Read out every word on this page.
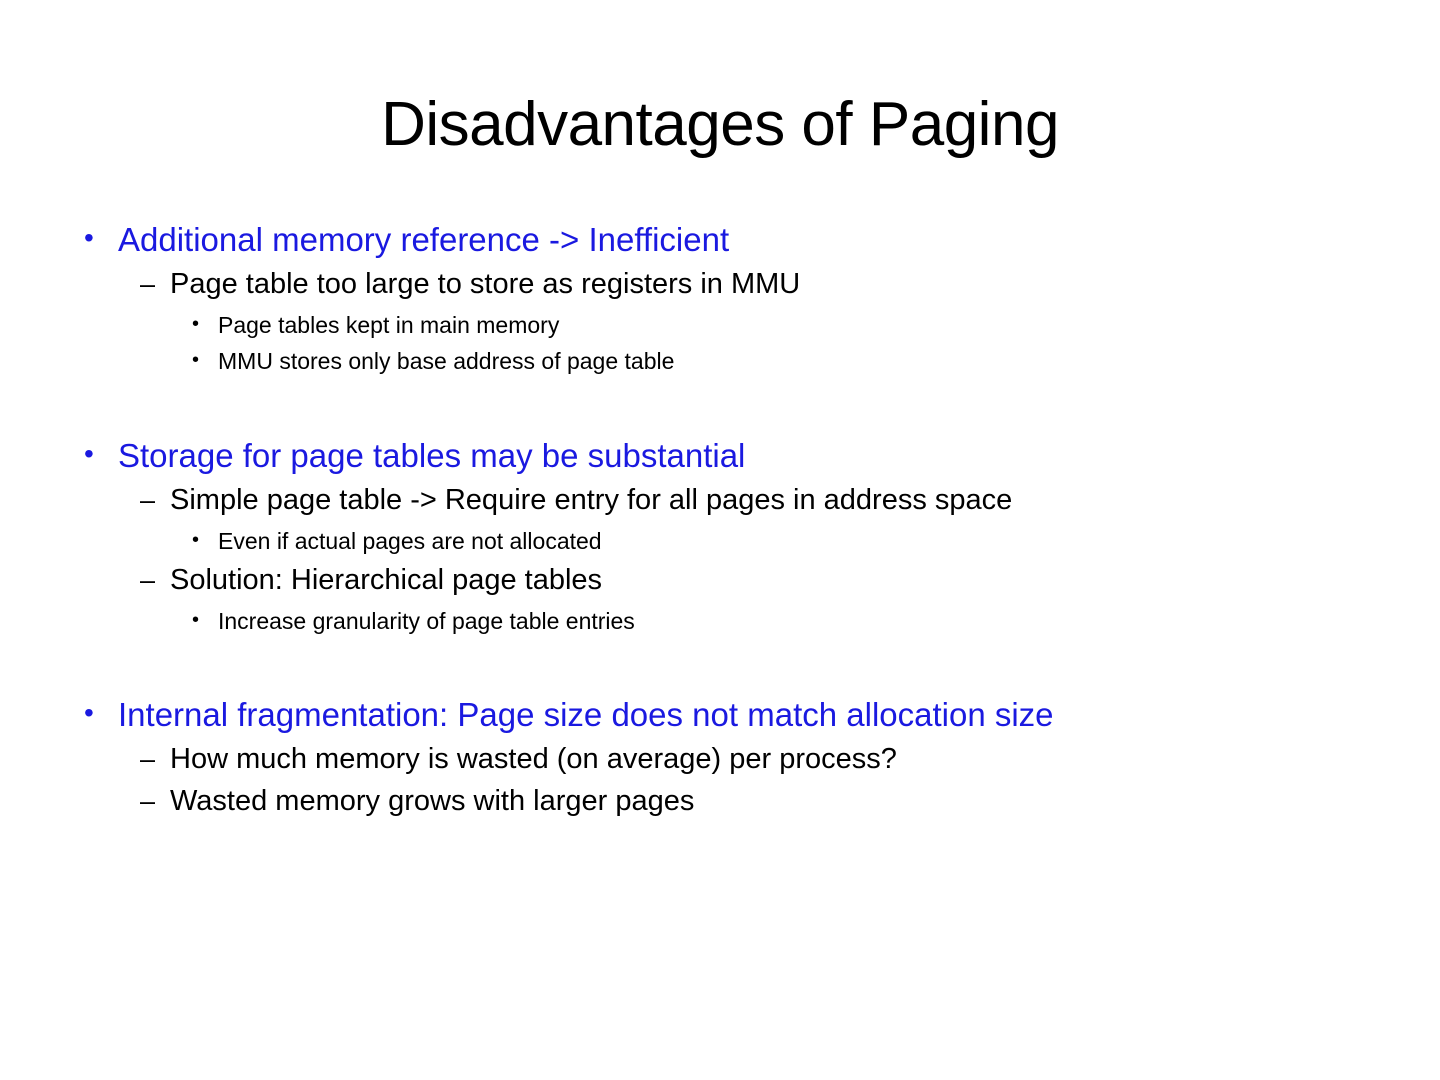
Disadvantages of Paging
• Additional memory reference -> Inefficient
– Page table too large to store as registers in MMU
• Page tables kept in main memory
• MMU stores only base address of page table
• Storage for page tables may be substantial
– Simple page table -> Require entry for all pages in address space
• Even if actual pages are not allocated
– Solution: Hierarchical page tables
• Increase granularity of page table entries
• Internal fragmentation: Page size does not match allocation size
– How much memory is wasted (on average) per process?
– Wasted memory grows with larger pages
